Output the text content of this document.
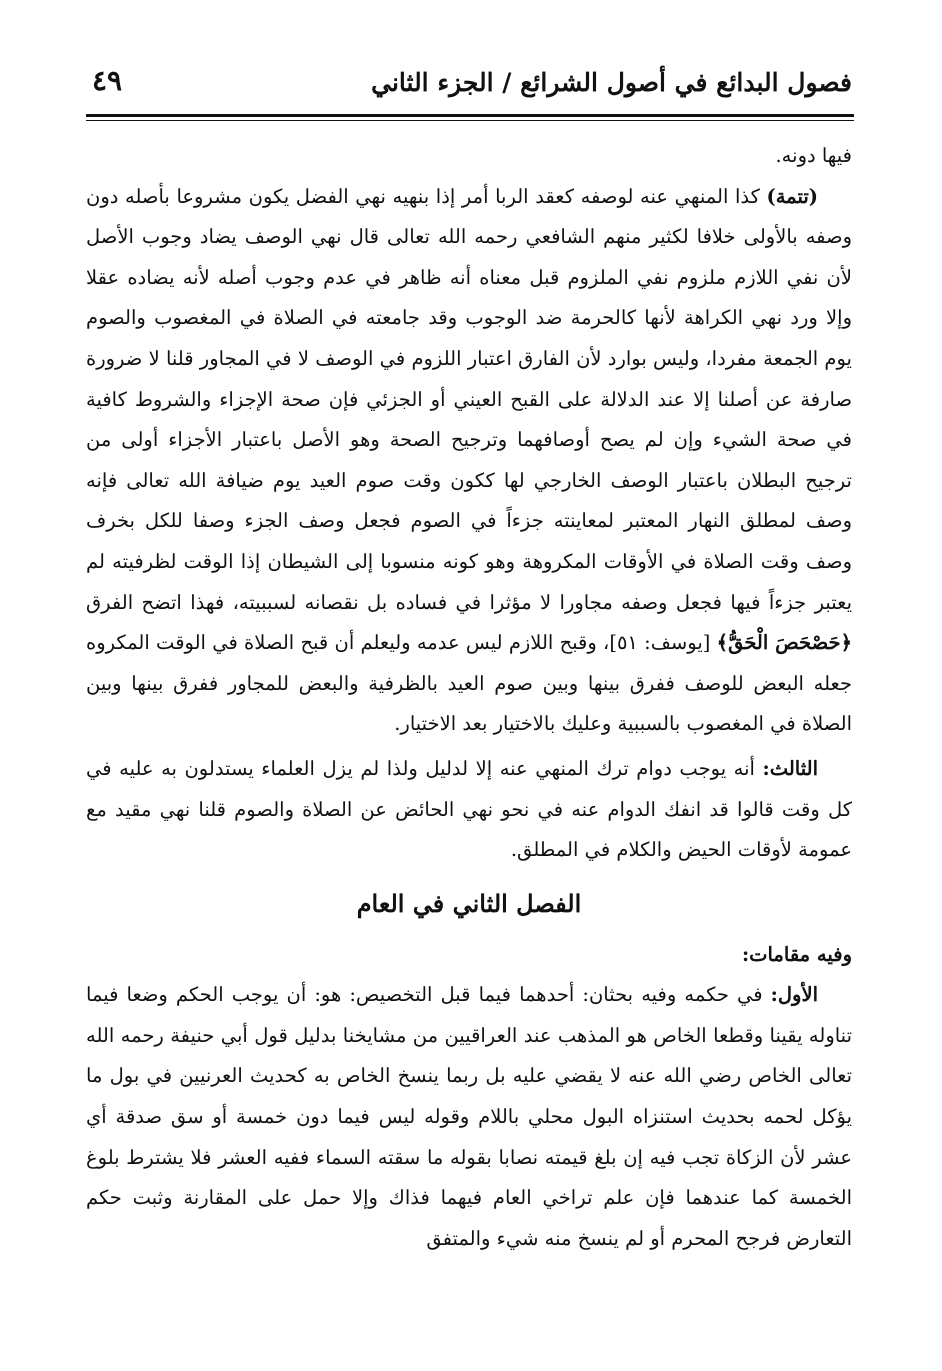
فصول البدائع في أصول الشرائع / الجزء الثاني
٤٩

فيها دونه.

(تتمة) كذا المنهي عنه لوصفه كعقد الربا أمر إذا بنهيه نهي الفضل يكون مشروعا بأصله دون وصفه بالأولى خلافا لكثير منهم الشافعي رحمه الله تعالى قال نهي الوصف يضاد وجوب الأصل لأن نفي اللازم ملزوم نفي الملزوم قبل معناه أنه ظاهر في عدم وجوب أصله لأنه يضاده عقلا وإلا ورد نهي الكراهة لأنها كالحرمة ضد الوجوب وقد جامعته في الصلاة في المغصوب والصوم يوم الجمعة مفردا، وليس بوارد لأن الفارق اعتبار اللزوم في الوصف لا في المجاور قلنا لا ضرورة صارفة عن أصلنا إلا عند الدلالة على القبح العيني أو الجزئي فإن صحة الإجزاء والشروط كافية في صحة الشيء وإن لم يصح أوصافهما وترجيح الصحة وهو الأصل باعتبار الأجزاء أولى من ترجيح البطلان باعتبار الوصف الخارجي لها ككون وقت صوم العيد يوم ضيافة الله تعالى فإنه وصف لمطلق النهار المعتبر لمعاينته جزءاً في الصوم فجعل وصف الجزء وصفا للكل بخرف وصف وقت الصلاة في الأوقات المكروهة وهو كونه منسوبا إلى الشيطان إذا الوقت لظرفيته لم يعتبر جزءاً فيها فجعل وصفه مجاورا لا مؤثرا في فساده بل نقصانه لسببيته، فهذا اتضح الفرق ﴿حَصْحَصَ الْحَقُّ﴾ [يوسف: ٥١]، وقبح اللازم ليس عدمه وليعلم أن قبح الصلاة في الوقت المكروه جعله البعض للوصف ففرق بينها وبين صوم العيد بالظرفية والبعض للمجاور ففرق بينها وبين الصلاة في المغصوب بالسببية وعليك بالاختيار بعد الاختيار.

الثالث: أنه يوجب دوام ترك المنهي عنه إلا لدليل ولذا لم يزل العلماء يستدلون به عليه في كل وقت قالوا قد انفك الدوام عنه في نحو نهي الحائض عن الصلاة والصوم قلنا نهي مقيد مع عمومة لأوقات الحيض والكلام في المطلق.

الفصل الثاني في العام

وفيه مقامات:

الأول: في حكمه وفيه بحثان: أحدهما فيما قبل التخصيص: هو: أن يوجب الحكم وضعا فيما تناوله يقينا وقطعا الخاص هو المذهب عند العراقيين من مشايخنا بدليل قول أبي حنيفة رحمه الله تعالى الخاص رضي الله عنه لا يقضي عليه بل ربما ينسخ الخاص به كحديث العرنيين في بول ما يؤكل لحمه بحديث استنزاه البول محلي باللام وقوله ليس فيما دون خمسة أو سق صدقة أي عشر لأن الزكاة تجب فيه إن بلغ قيمته نصابا بقوله ما سقته السماء ففيه العشر فلا يشترط بلوغ الخمسة كما عندهما فإن علم تراخي العام فيهما فذاك وإلا حمل على المقارنة وثبت حكم التعارض فرجح المحرم أو لم ينسخ منه شيء والمتفق
